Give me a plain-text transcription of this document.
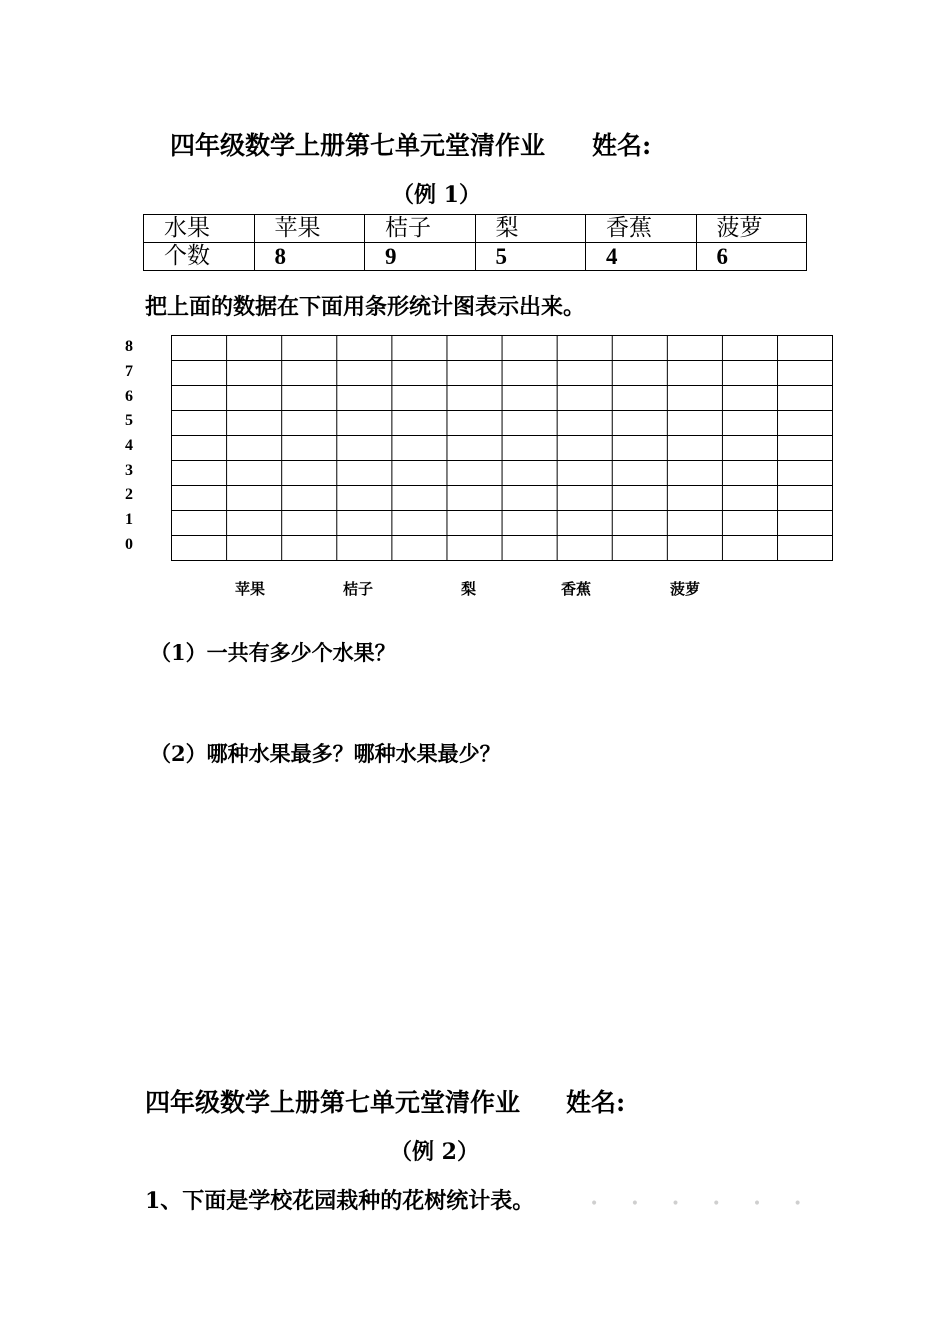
四年级数学上册第七单元堂清作业 姓名:
（例 1）
水果	苹果	桔子	梨	香蕉	菠萝
个数	8	9	5	4	6
把上面的数据在下面用条形统计图表示出来。
8
7
6
5
4
3
2
1
0
苹果	桔子	梨	香蕉	菠萝
（1）一共有多少个水果？
（2）哪种水果最多？哪种水果最少？
四年级数学上册第七单元堂清作业 姓名:
（例 2）
1、下面是学校花园栽种的花树统计表。	• • • • • •
